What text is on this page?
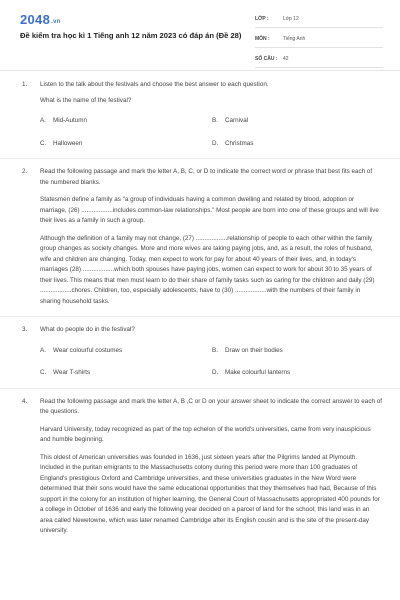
2048.vn
Đề kiểm tra học kì 1 Tiếng anh 12 năm 2023 có đáp án (Đề 28)
LỚP :	Lớp 12
MÔN :	Tiếng Anh
SỐ CÂU : 42
1. Listen to the talk about the festivals and choose the best answer to each question.

What is the name of the festival?

A.	Mid-Autumn	B.	Carnival
C.	Halloween	D.	Christmas
2. Read the following passage and mark the letter A, B, C, or D to indicate the correct word or phrase that best fits each of the numbered blanks.

Statesmen define a family as "a group of individuals having a common dwelling and related by blood, adoption or marriage, (26) ..................includes common-law relationships." Most people are born into one of these groups and will live their lives as a family in such a group.

Although the definition of a family may not change, (27) ..................relationship of people to each other within the family group changes as society changes. More and more wives are taking paying jobs, and, as a result, the roles of husband, wife and children are changing. Today, men expect to work for pay for about 40 years of their lives, and, in today's marriages (28) ..................which both spouses have paying jobs, women can expect to work for about 30 to 35 years of their lives. This means that men must learn to do their share of family tasks such as caring for the children and daily (29) ..................chores. Children, too, especially adolescents, have to (30) ..................with the numbers of their family in sharing household tasks.

3. What do people do in the festival?

A.	Wear colourful costumes	B.	Draw on their bodies
C.	Wear T-shirts	D.	Make colourful lanterns
4. Read the following passage and mark the letter A, B ,C or D on your answer sheet to indicate the correct answer to each of the questions.

Harvard University, today recognized as part of the top echelon of the world's universities, came from very inauspicious and humble beginning.

This oldest of American universities was founded in 1636, just sixteen years after the Pilgrims landed at Plymouth. Included in the puritan emigrants to the Massachusetts colony during this period were more than 100 graduates of England's prestigious Oxford and Cambridge universities, and these universities graduates in the New Word were determined that their sons would have the same educational opportunities that they themselves had had, Because of this support in the colony for an institution of higher learning, the General Court of Massachusetts appropriated 400 pounds for a college in October of 1636 and early the following year decided on a parcel of land for the school; this land was in an area called Newetowne, which was later renamed Cambridge after its English cousin and is the site of the present-day university.
